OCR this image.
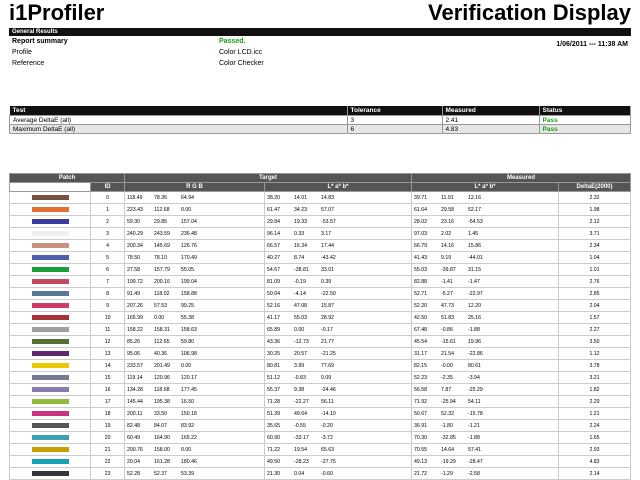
i1Profiler	Verification Display
General Results
Report summary	Passed.	1/06/2011 --- 11:38 AM
Profile	Color LCD.icc
Reference	Color Checker
Test	Tolerance	Measured	Status
Average DeltaE (all)	3	2.41	Pass
Maximum DeltaE (all)	6	4.83	Pass
Patch		Target		Measured	
	ID	R G B	L* a* b*	L* a* b*	DeltaE(2000)
	0	118.49 78.36 64.94	38.20 14.01 14.83	39.71 11.91 12.16	2.32
	1	223.43 112.68 0.00	61.47 34.23 57.07	61.64 29.58 52.17	1.98
	2	59.30 29.85 157.04	29.84 19.33 -53.57	28.02 23.16 -54.53	2.12
	3	240.29 243.59 236.48	96.14 0.33 3.17	97.03 2.02 1.45	3.71
	4	200.34 145.69 126.76	66.57 16.34 17.44	66.79 14.16 15.86	2.34
	5	78.50 78.10 170.49	40.27 8.74 -43.42	41.43 9.19 -44.01	1.04
	6	27.58 157.79 55.05	54.67 -38.81 33.01	55.03 -39.87 31.15	1.01
	7	199.72 200.16 199.04	81.09 -0.19 0.39	82.88 -1.41 -1.47	2.76
	8	91.49 118.02 158.88	50.04 -4.14 -22.50	52.71 -5.27 -22.97	2.85
	9	207.26 57.53 99.25	52.16 47.08 15.87	52.20 47.73 12.20	2.04
	10	165.99 0.00 55.38	41.17 55.03 28.92	42.50 51.83 25.16	1.57
	11	158.22 158.31 158.63	65.89 0.00 -0.17	67.48 -0.86 -1.88	2.27
	12	85.26 112.65 59.80	43.36 -12.73 21.77	45.54 -15.61 19.96	3.50
	13	95.06 40.36 106.98	30.25 20.57 -21.25	31.17 21.54 -22.86	1.12
	14	233.57 201.49 0.00	80.81 3.99 77.69	82.15 -0.00 80.61	3.78
	15	119.14 120.96 120.17	51.12 -0.83 0.09	52.23 -2.35 -3.94	3.21
	16	134.28 118.68 177.45	55.37 9.38 -24.46	56.58 7.87 -25.29	1.82
	17	145.44 195.38 16.50	71.28 -22.27 56.11	71.92 -25.94 54.11	2.29
	18	200.11 33.50 150.18	51.39 49.64 -14.10	50.67 52.32 -15.78	1.21
	19	82.48 84.07 83.92	35.65 -0.55 -0.20	36.91 -1.80 -1.21	2.24
	20	60.49 164.90 165.22	60.90 -33.17 -3.72	70.30 -32.85 -1.88	1.65
	21	200.76 158.00 0.00	71.22 19.54 65.63	70.55 14.64 57.41	2.93
	22	20.04 161.28 180.46	49.50 -28.23 -27.75	49.13 -19.29 -28.47	4.83
	23	52.28 52.37 53.39	21.30 0.04 -0.60	21.72 -1.29 -2.58	2.14
